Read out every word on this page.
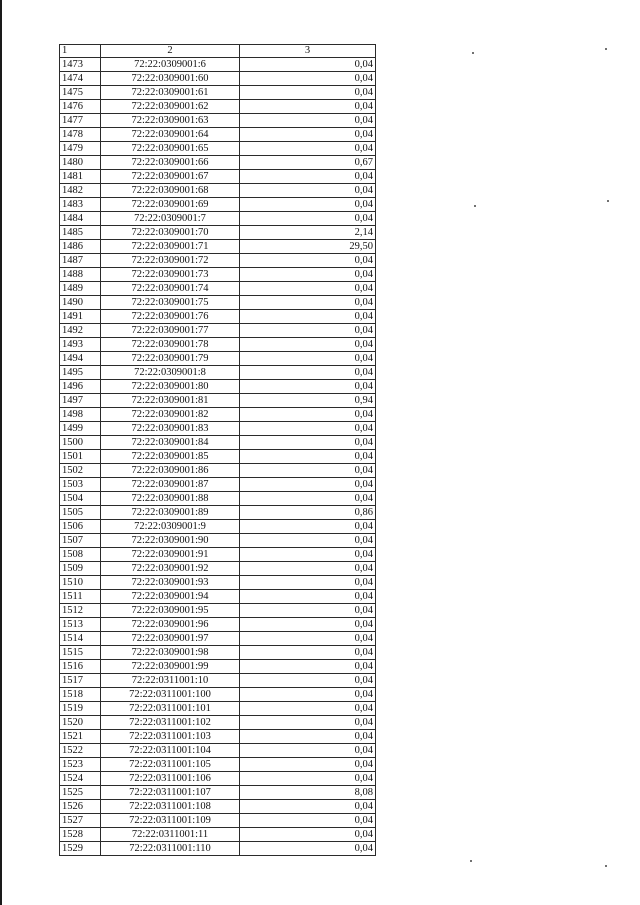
1	2	3
1473	72:22:0309001:6	0,04
1474	72:22:0309001:60	0,04
1475	72:22:0309001:61	0,04
1476	72:22:0309001:62	0,04
1477	72:22:0309001:63	0,04
1478	72:22:0309001:64	0,04
1479	72:22:0309001:65	0,04
1480	72:22:0309001:66	0,67
1481	72:22:0309001:67	0,04
1482	72:22:0309001:68	0,04
1483	72:22:0309001:69	0,04
1484	72:22:0309001:7	0,04
1485	72:22:0309001:70	2,14
1486	72:22:0309001:71	29,50
1487	72:22:0309001:72	0,04
1488	72:22:0309001:73	0,04
1489	72:22:0309001:74	0,04
1490	72:22:0309001:75	0,04
1491	72:22:0309001:76	0,04
1492	72:22:0309001:77	0,04
1493	72:22:0309001:78	0,04
1494	72:22:0309001:79	0,04
1495	72:22:0309001:8	0,04
1496	72:22:0309001:80	0,04
1497	72:22:0309001:81	0,94
1498	72:22:0309001:82	0,04
1499	72:22:0309001:83	0,04
1500	72:22:0309001:84	0,04
1501	72:22:0309001:85	0,04
1502	72:22:0309001:86	0,04
1503	72:22:0309001:87	0,04
1504	72:22:0309001:88	0,04
1505	72:22:0309001:89	0,86
1506	72:22:0309001:9	0,04
1507	72:22:0309001:90	0,04
1508	72:22:0309001:91	0,04
1509	72:22:0309001:92	0,04
1510	72:22:0309001:93	0,04
1511	72:22:0309001:94	0,04
1512	72:22:0309001:95	0,04
1513	72:22:0309001:96	0,04
1514	72:22:0309001:97	0,04
1515	72:22:0309001:98	0,04
1516	72:22:0309001:99	0,04
1517	72:22:0311001:10	0,04
1518	72:22:0311001:100	0,04
1519	72:22:0311001:101	0,04
1520	72:22:0311001:102	0,04
1521	72:22:0311001:103	0,04
1522	72:22:0311001:104	0,04
1523	72:22:0311001:105	0,04
1524	72:22:0311001:106	0,04
1525	72:22:0311001:107	8,08
1526	72:22:0311001:108	0,04
1527	72:22:0311001:109	0,04
1528	72:22:0311001:11	0,04
1529	72:22:0311001:110	0,04
